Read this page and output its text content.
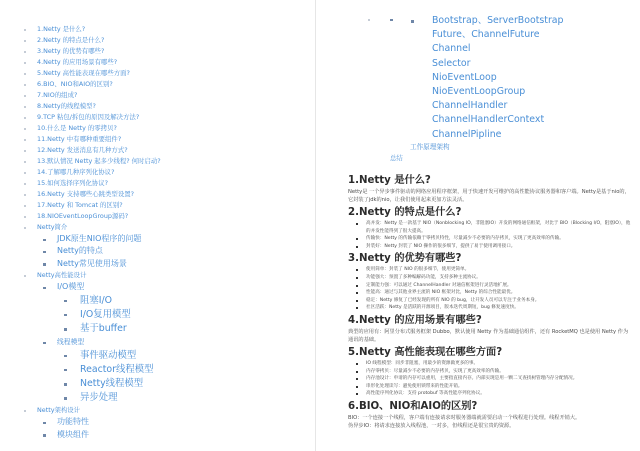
1.Netty 是什么?
2.Netty 的特点是什么?
3.Netty 的优势有哪些?
4.Netty 的应用场景有哪些?
5.Netty 高性能表现在哪些方面?
6.BIO、NIO和AIO的区别?
7.NIO的组成?
8.Netty的线程模型?
9.TCP 粘包/拆包的原因及解决方法?
10.什么是 Netty 的零拷贝?
11.Netty 中有哪种重要组件?
12.Netty 发送消息有几种方式?
13.默认情况 Netty 起多少线程? 何时启动?
14.了解哪几种序列化协议?
15.如何选择序列化协议?
16.Netty 支持哪些心跳类型设置?
17.Netty 和 Tomcat 的区别?
18.NIOEventLoopGroup源码?
Netty简介
JDK原生NIO程序的问题
Netty的特点
Netty常见使用场景
Netty高性能设计
I/O模型
阻塞I/O
I/O复用模型
基于buffer
线程模型
事件驱动模型
Reactor线程模型
Netty线程模型
异步处理
Netty架构设计
功能特性
模块组件
Bootstrap、ServerBootstrap
Future、ChannelFuture
Channel
Selector
NioEventLoop
NioEventLoopGroup
ChannelHandler
ChannelHandlerContext
ChannelPipline
工作原理架构
总结
1.Netty 是什么?

Netty是 一个异步事件驱动的网络应用程序框架，用于快速开发可维护的高性能协议服务器和客户端。Netty是基于nio的，它封装了jdk的nio，让我们使用起来更加方法灵活。

2.Netty 的特点是什么?
高并发：Netty 是一款基于 NIO（Nonblocking IO，非阻塞IO）开发的网络通信框架，对比于 BIO（Blocking I/O，阻塞IO），他的并发性能得到了很大提高。
传输快：Netty 的传输依赖于零拷贝特性，尽量减少不必要的内存拷贝，实现了更高效率的传输。
封装好：Netty 封装了 NIO 操作的很多细节，提供了易于使用调用接口。
3.Netty 的优势有哪些?
使用简单：封装了 NIO 的很多细节，使用更简单。
功能强大：预置了多种编解码功能，支持多种主流协议。
定制能力强：可以通过 ChannelHandler 对通信框架进行灵活地扩展。
性能高：通过与其他业界主流的 NIO 框架对比，Netty 的综合性能最优。
稳定：Netty 修复了已经发现的所有 NIO 的 bug，让开发人员可以专注于业务本身。
社区活跃：Netty 是活跃的开源项目，版本迭代周期短，bug 修复速度快。
4.Netty 的应用场景有哪些?

典型的应用有：阿里分布式服务框架 Dubbo，默认使用 Netty 作为基础通信组件，还有 RocketMQ 也是使用 Netty 作为通讯的基础。

5.Netty 高性能表现在哪些方面?
IO 线程模型：同步非阻塞，用最少的资源做更多的事。
内存零拷贝：尽量减少不必要的内存拷贝，实现了更高效率的传输。
内存池设计：申请的内存可以重用，主要指直接内存。内部实现是用一颗二叉查找树管理内存分配情况。
串形化处理读写：避免使用锁带来的性能开销。
高性能序列化协议：支持 protobuf 等高性能序列化协议。
6.BIO、NIO和AIO的区别?

BIO：一个连接一个线程，客户端有连接请求时服务器端就需要启动一个线程进行处理。线程开销大。

伪异步IO：将请求连接放入线程池，一对多，但线程还是很宝贵的资源。
